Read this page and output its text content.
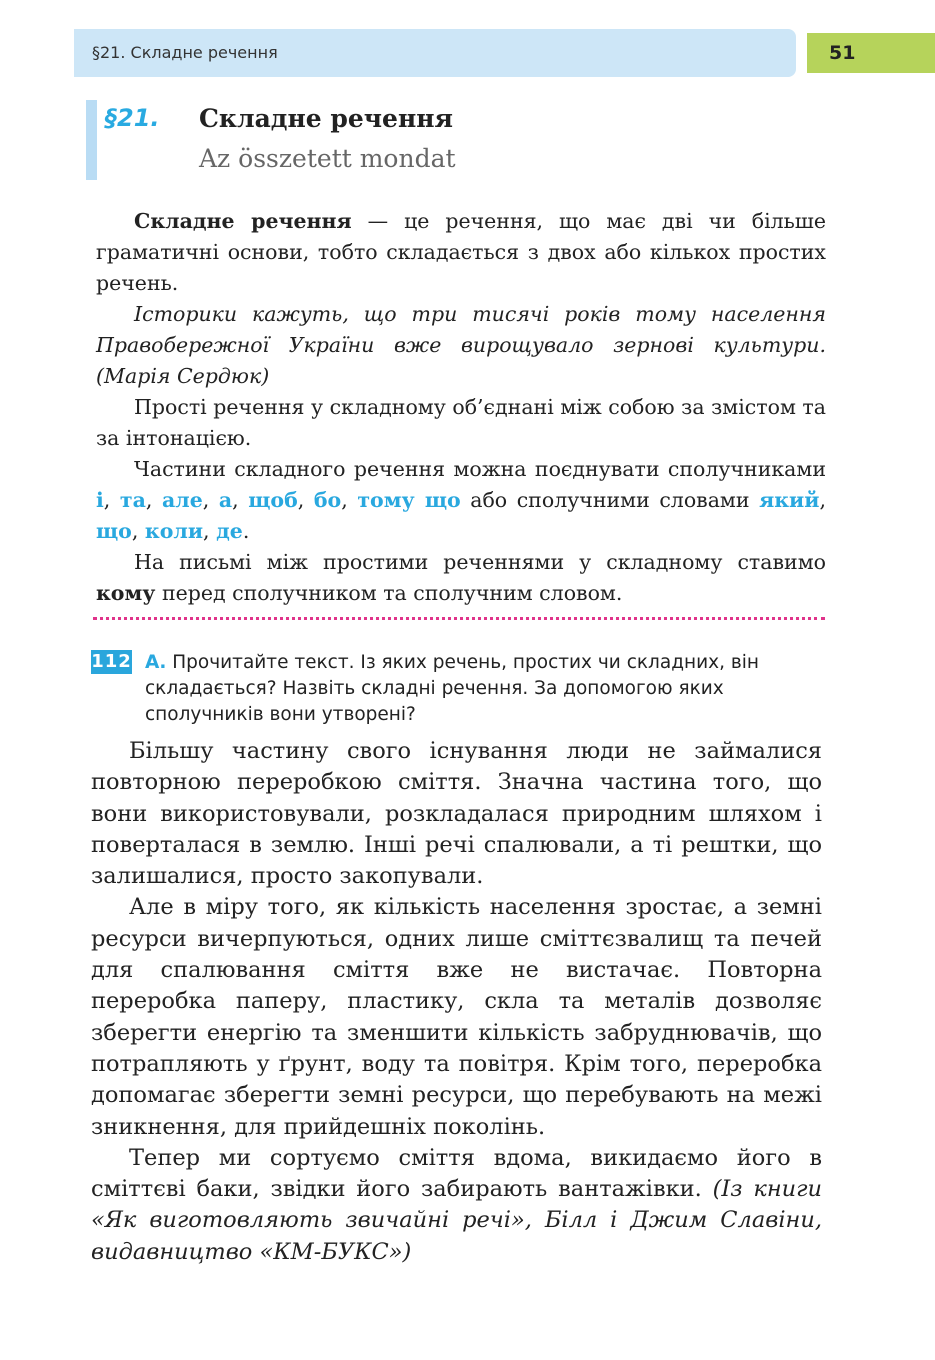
§21. Складне речення	51
§21. Складне речення
Az összetett mondat

Складне речення — це речення, що має дві чи більше граматичні основи, тобто складається з двох або кількох простих речень.

Історики кажуть, що три тисячі років тому населення Правобережної України вже вирощувало зернові культури. (Марія Сердюк)

Прості речення у складному об’єднані між собою за змістом та за інтонацією.

Частини складного речення можна поєднувати сполучниками і, та, але, а, щоб, бо, тому що або сполучними словами який, що, коли, де.

На письмі між простими реченнями у складному ставимо кому перед сполучником та сполучним словом.

112 А. Прочитайте текст. Із яких речень, простих чи складних, він складається? Назвіть складні речення. За допомогою яких сполучників вони утворені?

Більшу частину свого існування люди не займалися повторною переробкою сміття. Значна частина того, що вони використовували, розкладалася природним шляхом і поверталася в землю. Інші речі спалювали, а ті рештки, що залишалися, просто закопували.

Але в міру того, як кількість населення зростає, а земні ресурси вичерпуються, одних лише сміттєзвалищ та печей для спалювання сміття вже не вистачає. Повторна переробка паперу, пластику, скла та металів дозволяє зберегти енергію та зменшити кількість забруднювачів, що потрапляють у ґрунт, воду та повітря. Крім того, переробка допомагає зберегти земні ресурси, що перебувають на межі зникнення, для прийдешніх поколінь.

Тепер ми сортуємо сміття вдома, викидаємо його в сміттєві баки, звідки його забирають вантажівки. (Із книги «Як виготовляють звичайні речі», Білл і Джим Славіни, видавництво «КМ-БУКС»)
